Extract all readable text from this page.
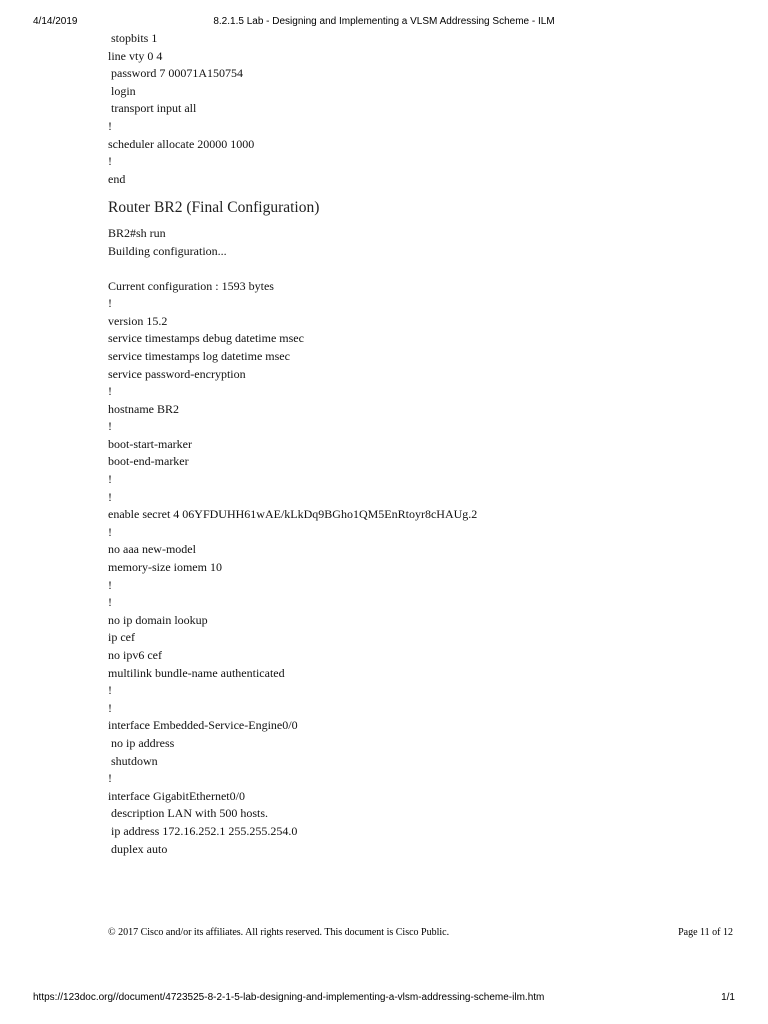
4/14/2019	8.2.1.5 Lab - Designing and Implementing a VLSM Addressing Scheme - ILM
stopbits 1
line vty 0 4
password 7 00071A150754
login
transport input all
!
scheduler allocate 20000 1000
!
end
Router BR2 (Final Configuration)
BR2#sh run
Building configuration...
Current configuration : 1593 bytes
!
version 15.2
service timestamps debug datetime msec
service timestamps log datetime msec
service password-encryption
!
hostname BR2
!
boot-start-marker
boot-end-marker
!
!
enable secret 4 06YFDUHH61wAE/kLkDq9BGho1QM5EnRtoyr8cHAUg.2
!
no aaa new-model
memory-size iomem 10
!
!
no ip domain lookup
ip cef
no ipv6 cef
multilink bundle-name authenticated
!
!
interface Embedded-Service-Engine0/0
no ip address
shutdown
!
interface GigabitEthernet0/0
description LAN with 500 hosts.
ip address 172.16.252.1 255.255.254.0
duplex auto
© 2017 Cisco and/or its affiliates. All rights reserved. This document is Cisco Public.	Page 11 of 12
https://123doc.org//document/4723525-8-2-1-5-lab-designing-and-implementing-a-vlsm-addressing-scheme-ilm.htm	1/1
